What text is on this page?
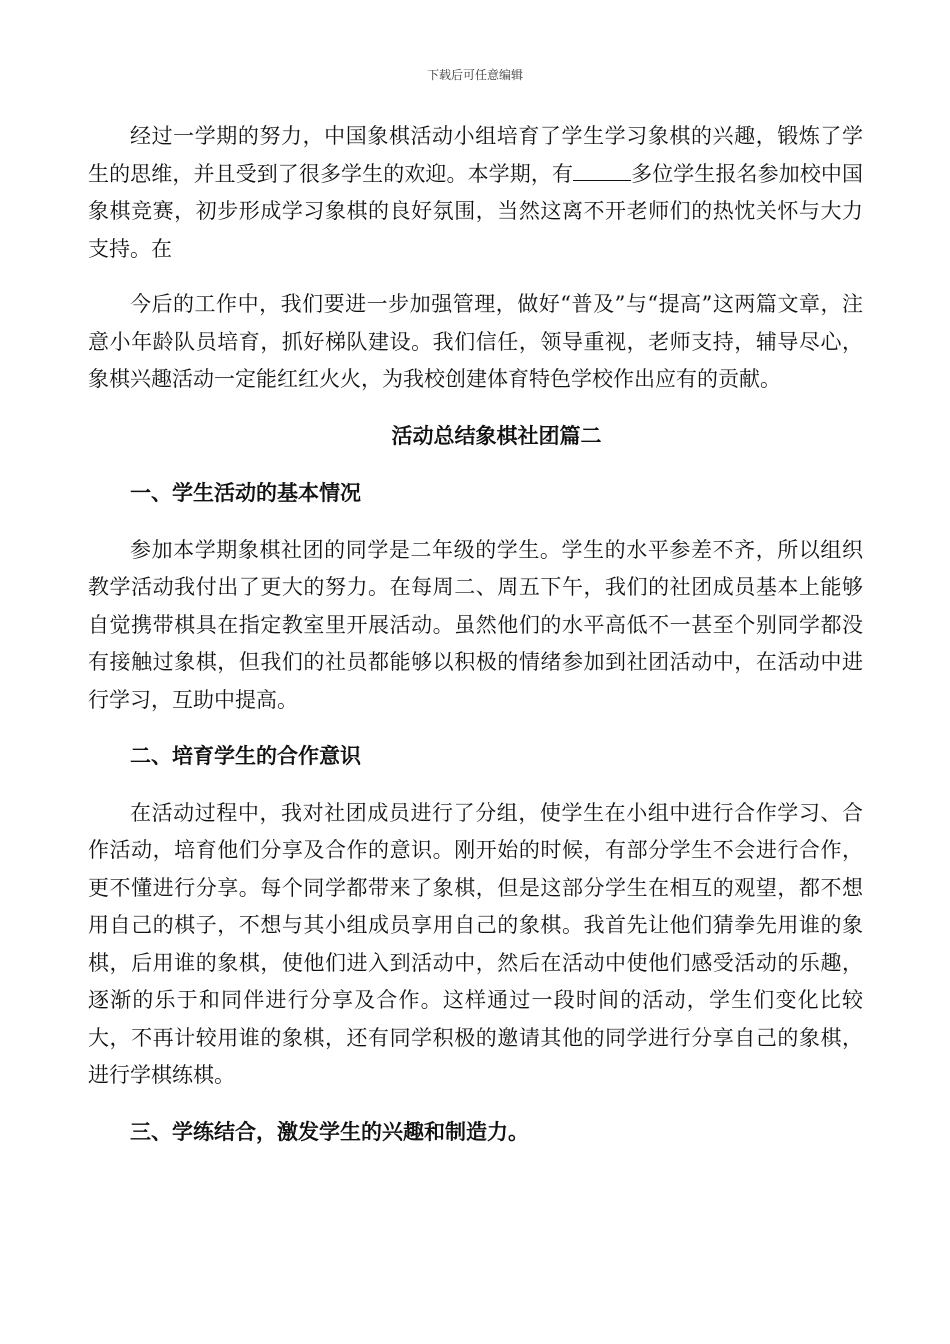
下载后可任意编辑

经过一学期的努力，中国象棋活动小组培育了学生学习象棋的兴趣，锻炼了学生的思维，并且受到了很多学生的欢迎。本学期，有	多位学生报名参加校中国象棋竞赛，初步形成学习象棋的良好氛围，当然这离不开老师们的热忱关怀与大力支持。在

今后的工作中，我们要进一步加强管理，做好“普及”与“提高”这两篇文章，注意小年龄队员培育，抓好梯队建设。我们信任，领导重视，老师支持，辅导尽心，象棋兴趣活动一定能红红火火，为我校创建体育特色学校作出应有的贡献。

活动总结象棋社团篇二
一、学生活动的基本情况

参加本学期象棋社团的同学是二年级的学生。学生的水平参差不齐，所以组织教学活动我付出了更大的努力。在每周二、周五下午，我们的社团成员基本上能够自觉携带棋具在指定教室里开展活动。虽然他们的水平高低不一甚至个别同学都没有接触过象棋，但我们的社员都能够以积极的情绪参加到社团活动中，在活动中进行学习，互助中提高。

二、培育学生的合作意识

在活动过程中，我对社团成员进行了分组，使学生在小组中进行合作学习、合作活动，培育他们分享及合作的意识。刚开始的时候，有部分学生不会进行合作，更不懂进行分享。每个同学都带来了象棋，但是这部分学生在相互的观望，都不想用自己的棋子，不想与其小组成员享用自己的象棋。我首先让他们猜拳先用谁的象棋，后用谁的象棋，使他们进入到活动中，然后在活动中使他们感受活动的乐趣，逐渐的乐于和同伴进行分享及合作。这样通过一段时间的活动，学生们变化比较大，不再计较用谁的象棋，还有同学积极的邀请其他的同学进行分享自己的象棋，进行学棋练棋。

三、学练结合，激发学生的兴趣和制造力。
